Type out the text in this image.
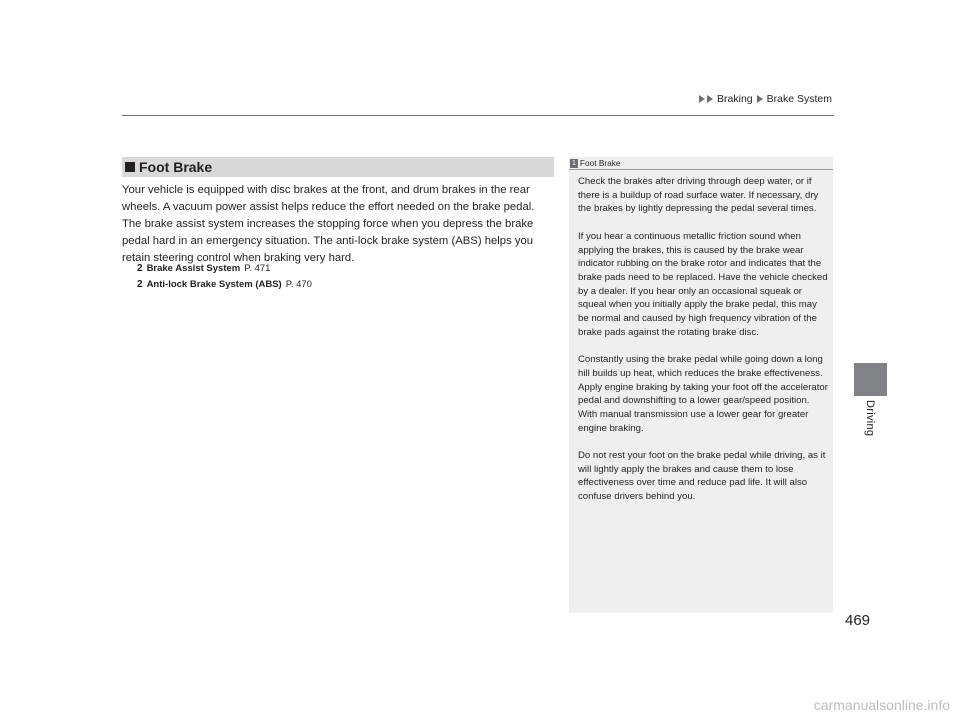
Braking Brake System
Driving
Foot Brake

Your vehicle is equipped with disc brakes at the front, and drum brakes in the rear wheels. A vacuum power assist helps reduce the effort needed on the brake pedal. The brake assist system increases the stopping force when you depress the brake pedal hard in an emergency situation. The anti-lock brake system (ABS) helps you retain steering control when braking very hard.

2 Brake Assist System P. 471
2 Anti-lock Brake System (ABS) P. 470
1 Foot Brake

Check the brakes after driving through deep water, or if there is a buildup of road surface water. If necessary, dry the brakes by lightly depressing the pedal several times.

If you hear a continuous metallic friction sound when applying the brakes, this is caused by the brake wear indicator rubbing on the brake rotor and indicates that the brake pads need to be replaced. Have the vehicle checked by a dealer. If you hear only an occasional squeak or squeal when you initially apply the brake pedal, this may be normal and caused by high frequency vibration of the brake pads against the rotating brake disc.

Constantly using the brake pedal while going down a long hill builds up heat, which reduces the brake effectiveness. Apply engine braking by taking your foot off the accelerator pedal and downshifting to a lower gear/speed position. With manual transmission use a lower gear for greater engine braking.

Do not rest your foot on the brake pedal while driving, as it will lightly apply the brakes and cause them to lose effectiveness over time and reduce pad life. It will also confuse drivers behind you.

469
carmanualsonline.info
